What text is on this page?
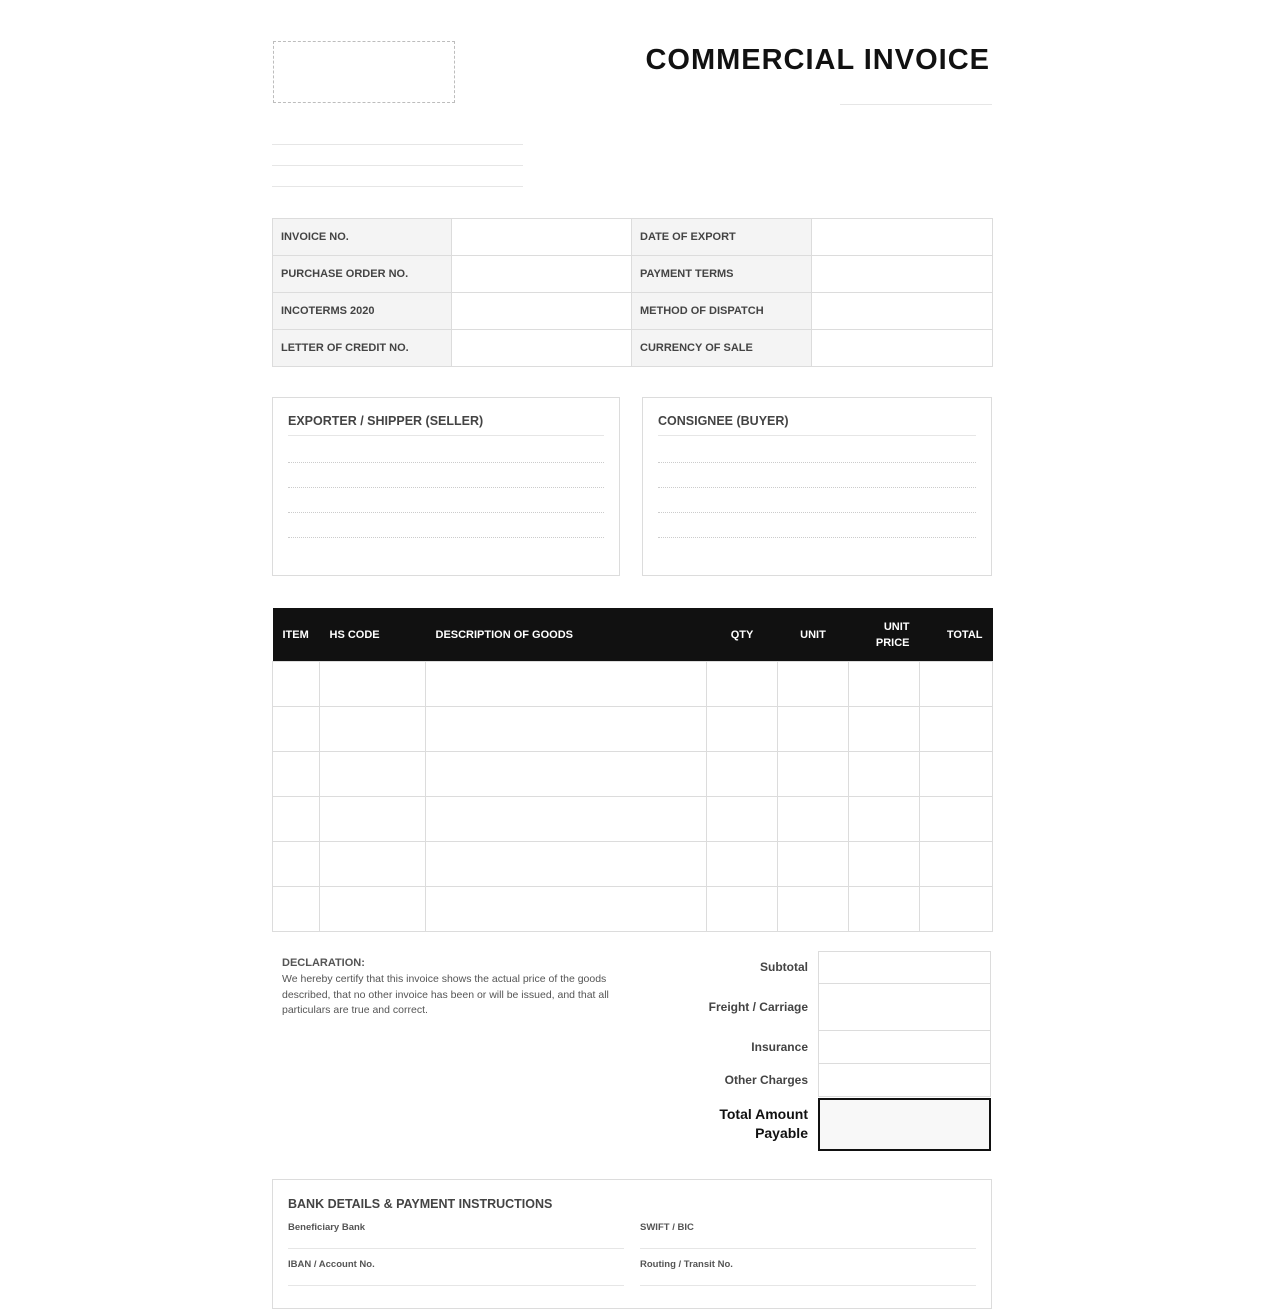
COMMERCIAL INVOICE
INVOICE NO.		DATE OF EXPORT	
PURCHASE ORDER NO.		PAYMENT TERMS	
INCOTERMS 2020		METHOD OF DISPATCH	
LETTER OF CREDIT NO.		CURRENCY OF SALE	
EXPORTER / SHIPPER (SELLER)	CONSIGNEE (BUYER)
ITEM	HS CODE	DESCRIPTION OF GOODS	QTY	UNIT	UNIT PRICE	TOTAL

DECLARATION:
We hereby certify that this invoice shows the actual price of the goods described, that no other invoice has been or will be issued, and that all particulars are true and correct.
Subtotal
Freight / Carriage
Insurance
Other Charges
Total Amount Payable
BANK DETAILS & PAYMENT INSTRUCTIONS
Beneficiary Bank	SWIFT / BIC
IBAN / Account No.	Routing / Transit No.
